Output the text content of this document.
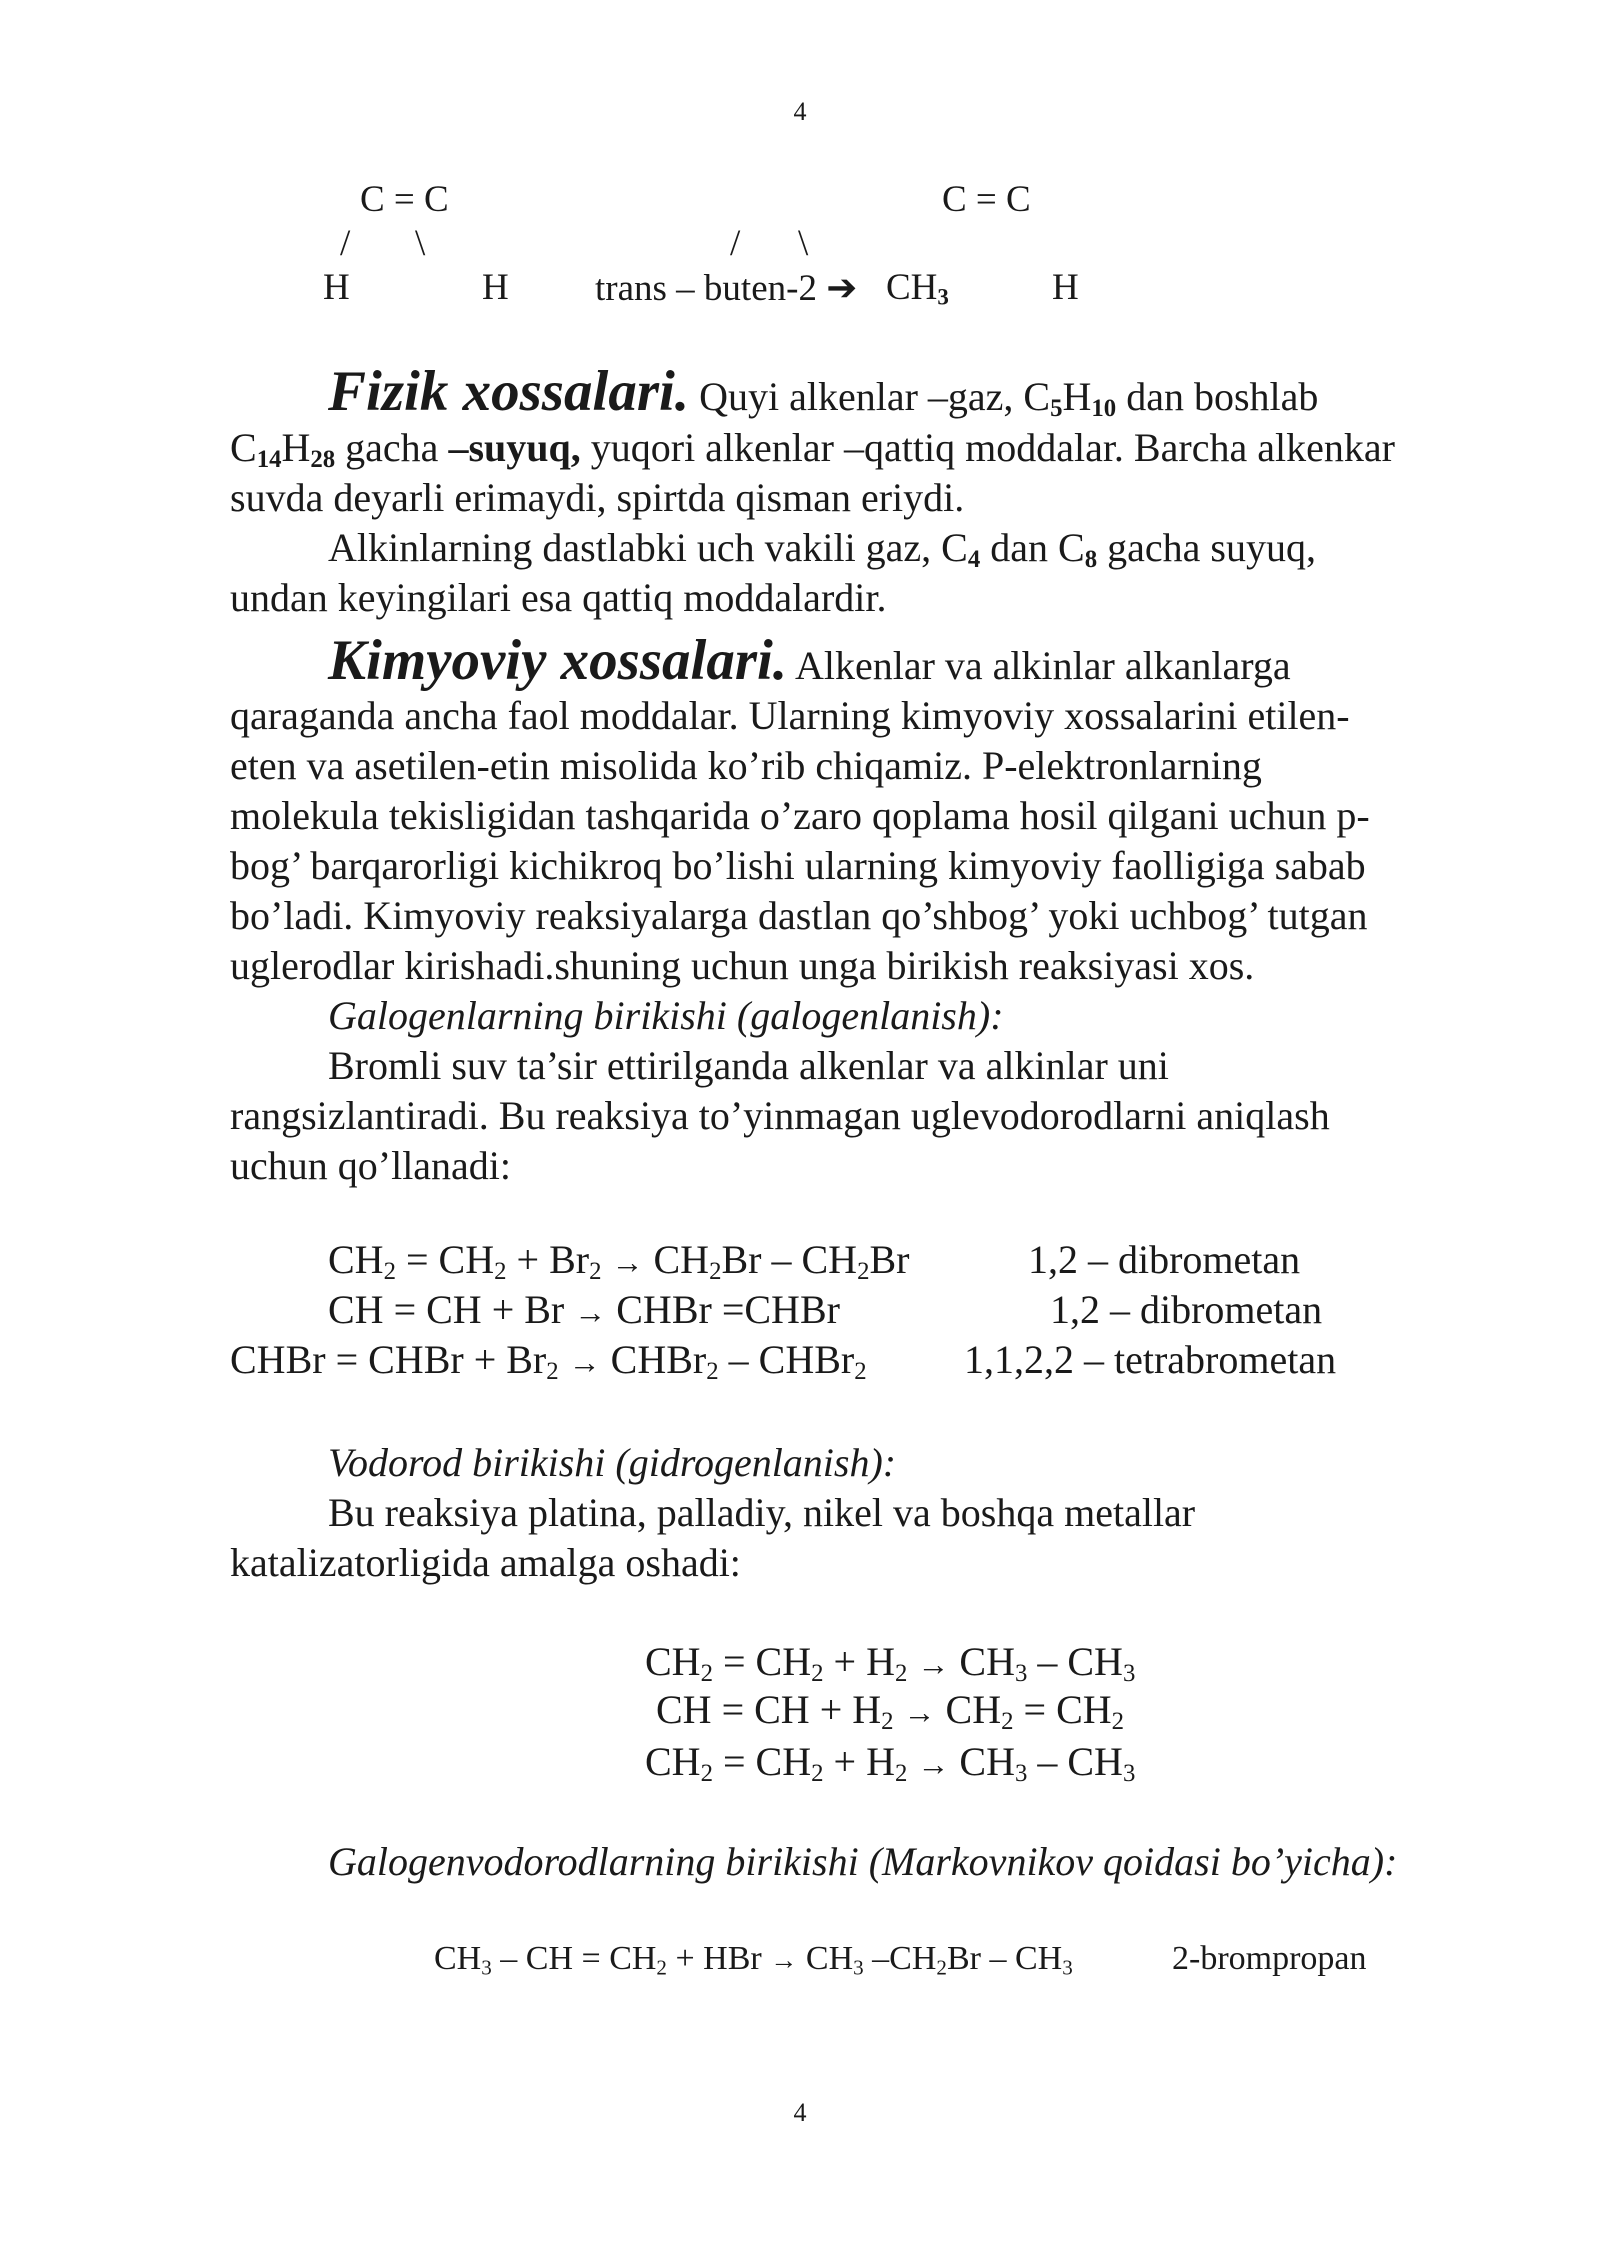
4
C = C	C = C
/ \	/ \
H	H trans – buten-2 ➔ $CH_3$	H
Fizik xossalari. Quyi alkenlar –gaz, $C_5H_{10}$ dan boshlab
$C_{14}H_{28}$ gacha –suyuq, yuqori alkenlar –qattiq moddalar. Barcha alkenkar
suvda deyarli erimaydi, spirtda qisman eriydi.
Alkinlarning dastlabki uch vakili gaz, $C_4$ dan $C_8$ gacha suyuq,
undan keyingilari esa qattiq moddalardir.
Kimyoviy xossalari. Alkenlar va alkinlar alkanlarga
qaraganda ancha faol moddalar. Ularning kimyoviy xossalarini etilen-
eten va asetilen-etin misolida ko’rib chiqamiz. P-elektronlarning
molekula tekisligidan tashqarida o’zaro qoplama hosil qilgani uchun p-
bog’ barqarorligi kichikroq bo’lishi ularning kimyoviy faolligiga sabab
bo’ladi. Kimyoviy reaksiyalarga dastlan qo’shbog’ yoki uchbog’ tutgan
uglerodlar kirishadi.shuning uchun unga birikish reaksiyasi xos.
Galogenlarning birikishi (galogenlanish):
Bromli suv ta’sir ettirilganda alkenlar va alkinlar uni
rangsizlantiradi. Bu reaksiya to’yinmagan uglevodorodlarni aniqlash
uchun qo’llanadi:
$CH_2 = CH_2 + Br_2 \to CH_2Br - CH_2Br$	1,2 – dibrometan
CH = CH + Br → CHBr =CHBr	1,2 – dibrometan
CHBr = CHBr + $Br_2$ → CHBr$_2$ – CHBr$_2$ 1,1,2,2 – tetrabrometan
Vodorod birikishi (gidrogenlanish):
Bu reaksiya platina, palladiy, nikel va boshqa metallar
katalizatorligida amalga oshadi:
$CH_2 = CH_2 + H_2 \to CH_3 - CH_3$
CH = CH + $H_2 \to CH_2 = CH_2$
$CH_2 = CH_2 + H_2 \to CH_3 - CH_3$
Galogenvodorodlarning birikishi (Markovnikov qoidasi bo’yicha):
$CH_3$ – CH = $CH_2$ + HBr → $CH_3$ $-CH_2Br - CH_3$	2-brompropan
4
